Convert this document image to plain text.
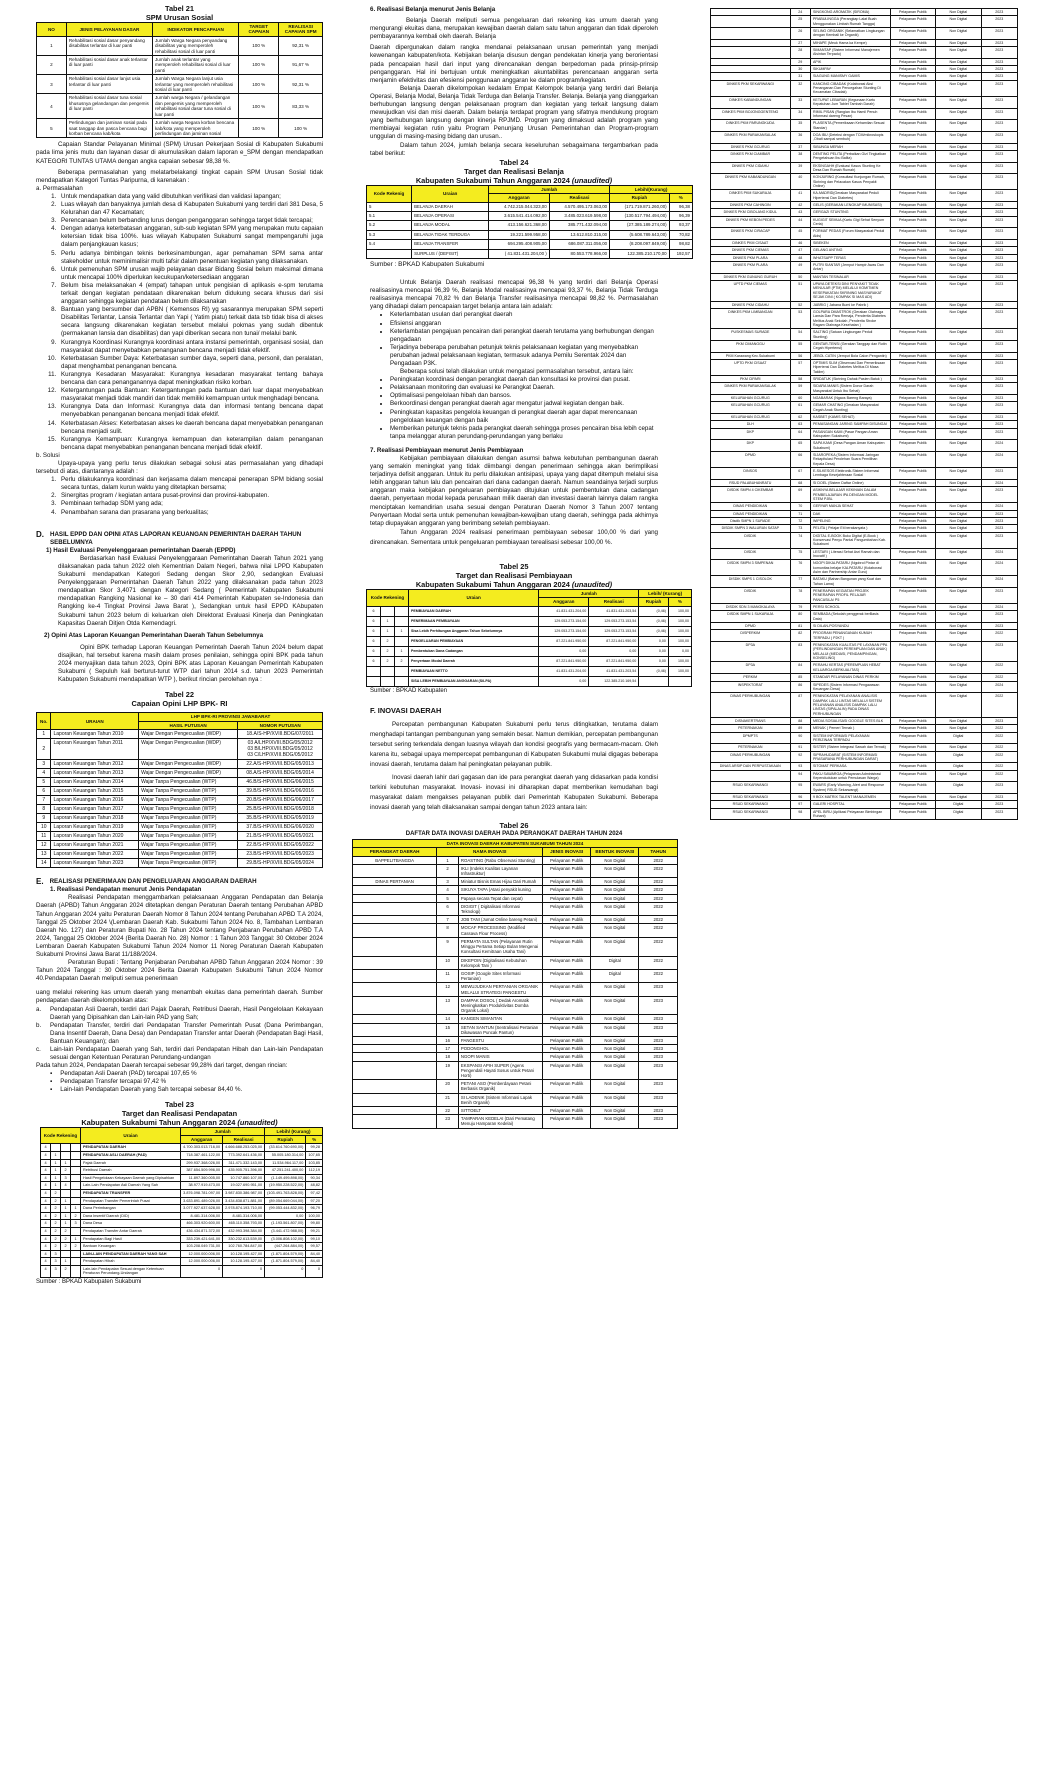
Tabel 21
SPM Urusan Sosial
NO	JENIS PELAYANAN DASAR	INDIKATOR PENCAPAIAN	TARGET CAPAIAN	REALISASI CAPAIAN SPM
1	Rehabilitasi sosial dasar penyandang disabilitas terlantar di luar panti	Jumlah Warga Negara penyandang disabilitas yang memperoleh rehabilitasi sosial di luar panti	100 %	92,31 %
2	Rehabilitasi sosial dasar anak terlantar di luar panti	Jumlah anak terlantar yang memperoleh rehabilitasi sosial di luar panti	100 %	91,67 %
3	Rehabilitasi sosial dasar lanjut usia terlantar di luar panti	Jumlah Warga Negara lanjut usia terlantar yang memperoleh rehabilitasi sosial di luar panti	100 %	92,31 %
4	Rehabilitasi sosial dasar tuna sosial khususnya gelandangan dan pengemis di luar panti	Jumlah warga Negara / gelandangan dan pengemis yang memperoleh rehabilitasi sosial dasar tuna sosial di luar panti	100 %	83,33 %
5	Perlindungan dan jaminan sosial pada saat tanggap dan pasca bencana bagi korban bencana kab/kota	Jumlah warga Negara korban bencana kab/kota yang memperoleh perlindungan dan jaminan sosial	100 %	100 %

Capaian Standar Pelayanan Minimal (SPM) Urusan Pekerjaan Sosial di Kabupaten Sukabumi pada lima jenis mutu dan layanan dasar di akumulasikan dalam laporan e_SPM dengan mendapatkan KATEGORI TUNTAS UTAMA dengan angka capaian sebesar 98,38 %.

Beberapa permasalahan yang melatarbelakangi tingkat capain SPM Urusan Sosial tidak mendapatkan Kategori Tuntas Paripurna, di karenakan :

a. Permasalahan
1. Untuk mendapatkan data yang valid dibutuhkan verifikasi dan validasi lapangan;
2. Luas wilayah dan banyaknya jumlah desa di Kabupaten Sukabumi yang terdiri dari 381 Desa, 5 Kelurahan dan 47 Kecamatan;
3. Perencanaan belum berbanding lurus dengan penganggaran sehingga target tidak tercapai;
4. Dengan adanya keterbatasan anggaran, sub-sub kegiatan SPM yang merupakan mutu capaian ketersian tidak bisa 100%. luas wilayah Kabupaten Sukabumi sangat mempengaruhi juga dalam penjangkauan kasus;
5. Perlu adanya bimbingan teknis berkesinambungan, agar pemahaman SPM sama antar stakeholder untuk meminimalisir multi tafsir dalam penentuan kegiatan yang dilaksanakan.
6. Untuk pemenuhan SPM urusan wajib pelayanan dasar Bidang Sosial belum maksimal dimana untuk mencapai 100% diperlukan kecukupan/ketersediaan anggaran
7. Belum bisa melaksanakan 4 (empat) tahapan untuk pengisian di aplikasis e-spm terutama terkait dengan kegiatan pendataan dikarenakan belum didukung secara khusus dari sisi anggaran sehingga kegiatan pendataan belum dilaksanakan
8. Bantuan yang bersumber dari APBN ( Kemensos RI) yg sasarannya merupakan SPM seperti Disabilitas Terlantar, Lansia Terlantar dan Yapi ( Yatim piatu) terkait data tsb tidak bisa di akses secara langsung dikarenakan kegiatan tersebut melalui pokmas yang sudah dibentuk (permakanan lansia dan disabilitas) dan yapi diberikan secara non tunai/ melalui bank.
9. Kurangnya Koordinasi Kurangnya koordinasi antara instansi pemerintah, organisasi sosial, dan masyarakat dapat menyebabkan penanganan bencana menjadi tidak efektif.
10. Keterbatasan Sumber Daya: Keterbatasan sumber daya, seperti dana, personil, dan peralatan, dapat menghambat penanganan bencana.
11. Kurangnya Kesadaran Masyarakat: Kurangnya kesadaran masyarakat tentang bahaya bencana dan cara penanganannya dapat meningkatkan risiko korban.
12. Ketergantungan pada Bantuan: Ketergantungan pada bantuan dari luar dapat menyebabkan masyarakat menjadi tidak mandiri dan tidak memiliki kemampuan untuk menghadapi bencana.
13. Kurangnya Data dan Informasi: Kurangnya data dan informasi tentang bencana dapat menyebabkan penanganan bencana menjadi tidak efektif.
14. Keterbatasan Akses: Keterbatasan akses ke daerah bencana dapat menyebabkan penanganan bencana menjadi sulit.
15. Kurangnya Kemampuan: Kurangnya kemampuan dan keterampilan dalam penanganan bencana dapat menyebabkan penanganan bencana menjadi tidak efektif.
b. Solusi

Upaya-upaya yang perlu terus dilakukan sebagai solusi atas permasalahan yang dihadapi tersebut di atas, diantaranya adalah :

1. Perlu dilakukannya koordinasi dan kerjasama dalam mencapai penerapan SPM bidang sosial secara tuntas, dalam kurun waktu yang ditetapkan bersama;
2. Sinergitas program / kegiatan antara pusat-provinsi dan provinsi-kabupaten.
3. Pembinaan terhadap SDM yang ada;
4. Penambahan sarana dan prasarana yang berkualitas;
D. HASIL EPPD DAN OPINI ATAS LAPORAN KEUANGAN PEMERINTAH DAERAH TAHUN SEBELUMNYA
1) Hasil Evaluasi Penyelenggaraan pemerintahan Daerah (EPPD)

Berdasarkan hasil Evaluasi Penyelenggaraan Pemerintahan Daerah Tahun 2021 yang dilaksanakan pada tahun 2022 oleh Kementrian Dalam Negeri, bahwa nilai LPPD Kabupaten Sukabumi mendapatkan Kategori Sedang dengan Skor 2,90, sedangkan Evaluasi Penyelenggaraan Pemerintahan Daerah Tahun 2022 yang dilaksanakan pada tahun 2023 mendapatkan Skor 3,4071 dengan Kategori Sedang ( Pemerintah Kabupaten Sukabumi mendapatkan Rangking Nasional ke – 30 dari 414 Pemerintah Kabupaten se-Indonesia dan Rangking ke-4 Tingkat Provinsi Jawa Barat ), Sedangkan untuk hasil EPPD KAbupaten Sukabumi tahun 2023 belum di keluarkan oleh Direktorat Evaluasi Kinerja dan Peningkatan Kapasitas Daerah Ditjen Otda Kemendagri.

2) Opini Atas Laporan Keuangan Pemerintahan Daerah Tahun Sebelumnya

Opini BPK terhadap Laporan Keuangan Pemerintah Daerah Tahun 2024 belum dapat disajikan, hal tersebut karena masih dalam proses penilaian, sehingga opini BPK pada tahun 2024 menyajikan data tahun 2023, Opini BPK atas Laporan Keuangan Pemerintah Kabupaten Sukabumi ( Sepuluh kali berturut-turut WTP dari tahun 2014 s.d. tahun 2023 Pemerintah Kabupaten Sukabumi mendapatkan WTP ), berikut rincian perolehan nya :

Tabel 22
Capaian Opini LHP BPK- RI
No.	URAIAN	LHP BPK-RI PROVINSI JAWABARAT	
		HASIL PUTUSAN	NOMOR PUTUSAN
1	Laporan Keuangan Tahun 2010	Wajar Dengan Pengecualian (WDP)	18.A/S-HP/XVIII.BDG/07/2011
2	Laporan Keuangan Tahun 2011	Wajar Dengan Pengecualian (WDP)	03 A/LHP/XVIII.BDG/05/2012
03 B/LHP/XVIII.BDG/05/2012
03 C/LHP/XVIII.BDG/05/2012
3	Laporan Keuangan Tahun 2012	Wajar Dengan Pengecualian (WDP)	22.A/S-HP/XVIII.BDG/05/2013
4	Laporan Keuangan Tahun 2013	Wajar Dengan Pengecualian (WDP)	08.A/S-HP/XVIII.BDG/05/2014
5	Laporan Keuangan Tahun 2014	Wajar Tanpa Pengecualian (WTP)	46.B/S-HP/XVIII.BDG/06/2015
6	Laporan Keuangan Tahun 2015	Wajar Tanpa Pengecualian (WTP)	39.B/S-HP/XVIII.BDG/06/2016
7	Laporan Keuangan Tahun 2016	Wajar Tanpa Pengecualian (WTP)	20.B/S-HP/XVIII.BDG/06/2017
8	Laporan Keuangan Tahun 2017	Wajar Tanpa Pengecualian (WTP)	25.B/S-HP/XVIII.BDG/05/2018
9	Laporan Keuangan Tahun 2018	Wajar Tanpa Pengecualian (WTP)	35.B/S-HP/XVIII.BDG/05/2019
10	Laporan Keuangan Tahun 2019	Wajar Tanpa Pengecualian (WTP)	37.B/S-HP/XVIII.BDG/06/2020
11	Laporan Keuangan Tahun 2020	Wajar Tanpa Pengecualian (WTP)	21.B/S-HP/XVIII.BDG/05/2021
12	Laporan Keuangan Tahun 2021	Wajar Tanpa Pengecualian (WTP)	22.B/S-HP/XVIII.BDG/05/2022
13	Laporan Keuangan Tahun 2022	Wajar Tanpa Pengecualian (WTP)	23.B/S-HP/XVIII.BDG/05/2023
14	Laporan Keuangan Tahun 2023	Wajar Tanpa Pengecualian (WTP)	29.B/S-HP/XVIII.BDG/05/2024
E. REALISASI PENERIMAAN DAN PENGELUARAN ANGGARAN DAERAH
1. Realisasi Pendapatan menurut Jenis Pendapatan

Realisasi Pendapatan menggambarkan pelaksanaan Anggaran Pendapatan dan Belanja Daerah (APBD) Tahun Anggaran 2024 ditetapkan dengan Peraturan Daerah tentang Perubahan APBD Tahun Anggaran 2024 yaitu Peraturan Daerah Nomor 8 Tahun 2024 tentang Perubahan APBD T.A 2024, Tanggal 25 Oktober 2024 \(Lembaran Daerah Kab. Sukabumi Tahun 2024 No. 8, Tambahan Lembaran Daerah No. 127) dan Peraturan Bupati No. 28 Tahun 2024 tentang Penjabaran Perubahan APBD T.A 2024, Tanggal 25 Oktober 2024 (Berita Daerah No. 28) Nomor : 1 Tahun 203 Tanggal: 30 Oktober 2024 Lembaran Daerah Kabupaten Sukabumi Tahun 2024 Nomor 11 Noreg Peraturan Daerah Kabupaten Sukabumi Provinsi Jawa Barat 11/188/2024.

Peraturan Bupati : Tentang Penjabaran Perubahan APBD Tahun Anggaran 2024 Nomor : 39 Tahun 2024 Tanggal : 30 Oktober 2024 Berita Daerah Kabupaten Sukabumi Tahun 2024 Nomor 40.Pendapatan Daerah meliputi semua penerimaan

uang melalui rekening kas umum daerah yang menambah ekuitas dana pemerintah daerah. Sumber pendapatan daerah dikelompokkan atas:

a.	Pendapatan Asli Daerah, terdiri dari Pajak Daerah, Retribusi Daerah, Hasil Pengelolaan Kekayaan Daerah yang Dipisahkan dan Lain-lain PAD yang Sah;
b.	Pendapatan Transfer, terdiri dari Pendapatan Transfer Pemerintah Pusat (Dana Perimbangan, Dana Insentif Daerah, Dana Desa) dan Pendapatan Transfer antar Daerah (Pendapatan Bagi Hasil, Bantuan Keuangan); dan
c.	Lain-lain Pendapatan Daerah yang Sah, terdiri dari Pendapatan Hibah dan Lain-lain Pendapatan sesuai dengan Ketentuan Peraturan Perundang-undangan

Pada tahun 2024, Pendapatan Daerah tercapai sebesar 99,28% dari target, dengan rincian:

▪ Pendapatan Asli Daerah (PAD) tercapai 107,65 %
▪ Pendapatan Transfer tercapai 97,42 %
▪ Lain-lain Pendapatan Daerah yang Sah tercapai sebesar 84,40 %.
Tabel 23
Target dan Realisasi Pendapatan
Kabupaten Sukabumi Tahun Anggaran 2024 (unaudited)
Kode Rekening				Uraian	Jumlah		Lebih/ (Kurang)	
					Anggaran	Realisasi	Rupiah	%
4				PENDAPATAN DAERAH	4.700.303.013.716,00	4.666.688.253.025,00	(33.614.760.690,00)	99,28
4	1			PENDAPATAN ASLI DAERAH (PAD)	718.387.461.122,00	773.392.641.436,00	55.005.180.314,00	107,65
4	1	1		Pajak Daerah	299.937.368.026,00	311.471.332.143,00	11.534.964.117,00	103,85
4	1	2		Retribusi Daerah	387.654.509.996,00	435.905.751.396,00	47.251.241.400,00	112,19
4	1	3		Hasil Pengelolaan Kekayaan Daerah yang Dipisahkan	11.897.360.005,00	10.747.860.107,00	(1.149.499.898,00)	90,34
4	1	4		Lain-Lain Pendapatan Asli Daerah Yang Sah	38.977.919.473,00	19.027.690.951,00	(19.950.228.522,00)	48,82
4	2			PENDAPATAN TRANSFER	3.876.098.781.097,00	3.987.830.386.987,00	(103.491.763.828,00)	97,42
4	2	1		Pendapatan Transfer Pemerintah Pusat	3.633.891.489.026,00	3.434.838.871.881,00	(89.054.669.044,00)	97,20
4	2	1	1	Dana Perimbangan	3.077.927.637.628,00	2.978.874.193.710,00	(99.053.444.832,00)	96,79
4	2	1	2	Dana Insentif Daerah (DID)	8.481.314.006,00	8.481.314.006,00	0,00	100,00
4	2	1	3	Dana Desa	466.303.920.600,00	465.110.358.793,00	(1.193.561.807,00)	99,80
4	2	2		Pendapatan Transfer Antar Daerah	436.434.871.372,00	432.993.398.384,00	(3.441.472.988,00)	99,21
4	2	2	1	Pendapatan Bagi Hasil	333.239.421.641,00	330.232.613.539,00	(3.006.808.102,00)	99,10
4	2	2	2	Bantuan Keuangan	103.208.049.731,00	102.760.784.847,00	(447.264.884,00)	99,57
4	3			LAIN-LAIN PENDAPATAN DAERAH YANG SAH	12.000.000.006,00	10.128.195.427,00	(1.871.804.579,00)	84,40
4	3	1		Pendapatan Hibah	12.000.000.006,00	10.128.195.427,00	(1.871.804.579,00)	84,40
4	3	2		Lain-lain Pendapatan Sesuai dengan Ketentuan Peraturan Perundang-Undangan	0	0	0	0
Sumber : BPKAD Kabupaten Sukabumi
6. Realisasi Belanja menurut Jenis Belanja

Belanja Daerah meliputi semua pengeluaran dari rekening kas umum daerah yang mengurangi ekuitas dana, merupakan kewajiban daerah dalam satu tahun anggaran dan tidak diperoleh pembayarannya kembali oleh daerah. Belanja

Daerah dipergunakan dalam rangka mendanai pelaksanaan urusan pemerintah yang menjadi kewenangan kabupaten/kota. Kebijakan belanja disusun dengan pendekatan kinerja yang berorientasi pada pencapaian hasil dari input yang direncanakan dengan berpedoman pada prinsip-prinsip penganggaran. Hal ini bertujuan untuk meningkatkan akuntabilitas perencanaan anggaran serta menjamin efektivitas dan efesiensi penggunaan anggaran ke dalam program/kegiatan.

Belanja Daerah dikelompokan kedalam Empat Kelompok belanja yang terdiri dari Belanja Operasi, Belanja Modal, Belanja Tidak Terduga dan Belanja Transfer. Belanja. Belanja yang dianggarkan berhubungan langsung dengan pelaksanaan program dan kegiatan yang terkait langsung dalam mewujudkan visi dan misi daerah. Dalam belanja terdapat program yang sifatnya mendukung program yang berhubungan langsung dengan kinerja RPJMD. Program yang dimaksud adalah program yang membiayai kegiatan rutin yaitu Program Penunjang Urusan Pemerintahan dan Program-program unggulan di masing-masing bidang dan urusan..

Dalam tahun 2024, jumlah belanja secara keseluruhan sebagaimana tergambarkan pada tabel berikut:

Tabel 24
Target dan Realisasi Belanja
Kabupaten Sukabumi Tahun Anggaran 2024 (unaudited)
Kode Rekenig	Uraian	Jumlah		Lebih/(Kurang)	
		Anggaran	Realisasi	Rupiah	%
5	BELANJA DAERAH	4.742.215.044.323,00	4.570.495.173.063,00	(171.719.871.260,00)	96,38
5.1	BELANJA OPERASI	3.615.541.414.092,00	3.485.023.619.598,00	(130.517.794.494,00)	96,39
5.2	BELANJA MODAL	413.156.621.368,00	385.771.432.094,00	(27.385.189.274,00)	93,37
5.3	BELANJA TIDAK TERDUGA	19.221.599.958,00	13.612.810.315,00	(5.608.789.643,00)	70,82
5.4	BELANJA TRANSFER	694.295.408.905,00	686.087.311.056,00	(8.208.097.849,00)	98,82
	SURPLUS / (DEFISIT)	( 41.831.431.204,00 )	80.553.778.966,00	122.385.210.170,00	192,57
Sumber : BPKAD Kabupaten Sukabumi

Untuk Belanja Daerah realisasi mencapai 96,38 % yang terdiri dari Belanja Operasi realisasinya mencapai 96,39 %, Belanja Modal realisasinya mencapai 93,37 %, Belanja Tidak Terduga realisasinya mencapai 70,82 % dan Belanja Transfer realisasinya mencapai 98,82 %. Permasalahan yang dihadapi dalam pencapaian target belanja antara lain adalah:

• Keterlambatan usulan dari perangkat daerah
• Efisiensi anggaran
• Keterlambatan pengajuan pencairan dari perangkat daerah terutama yang berhubungan dengan pengadaan
• Terjadinya beberapa perubahan petunjuk teknis pelaksanaan kegiatan yang menyebabkan perubahan jadwal pelaksanaan kegiatan, termasuk adanya Pemilu Serentak 2024 dan Pengadaan P3K.

Beberapa solusi telah dilakukan untuk mengatasi permasalahan tersebut, antara lain:

• Peningkatan koordinasi dengan perangkat daerah dan konsultasi ke provinsi dan pusat.
• Pelaksanaan monitoring dan evaluasi ke Perangkat Daerah.
• Optimalisasi pengelolaan hibah dan bansos.
• Berkoordinasi dengan perangkat daerah agar mengatur jadwal kegiatan dengan baik.
• Peningkatan kapasitas pengelola keuangan di perangkat daerah agar dapat merencanaan pengelolaan keuangan dengan baik
• Memberikan petunjuk teknis pada perangkat daerah sehingga proses pencairan bisa lebih cepat tanpa melanggar aturan perundang-perundangan yang berlaku
7. Realisasi Pembiayaan menurut Jenis Pembiayaan

Kebijakan pembiayaan dilakukan dengan asumsi bahwa kebutuhan pembangunan daerah yang semakin meningkat yang tidak diimbangi dengan penerimaan sehingga akan berimplikasi terjadinya defisit anggaran. Untuk itu perlu dilakukan antisipasi, upaya yang dapat ditempuh melalui sisa lebih anggaran tahun lalu dan pencairan dari dana cadangan daerah. Namun seandainya terjadi surplus anggaran maka kebijakan pengeluaran pembiayaan ditujukan untuk pembentukan dana cadangan daerah, penyertaan modal kepada perusahaan milik daerah dan investasi daerah lainnya dalam rangka menciptakan kemandirian usaha sesuai dengan Peraturan Daerah Nomor 3 Tahun 2007 tentang Penyertaan Modal serta untuk pemenuhan kewajiban-kewajiban utang daerah, sehingga pada akhirnya tetap diupayakan anggaran yang berimbang setelah pembiayaan.

Tahun Anggaran 2024 realisasi penerimaan pembiayaan sebesar 100,00 % dari yang direncanakan. Sementara untuk pengeluaran pembiayaan terealisasi sebesar 100,00 %.

Tabel 25
Target dan Realisasi Pembiayaan
Kabupaten Sukabumi Tahun Anggaran 2024 (unaudited)
Kode Rekening			Uraian	Jumlah		Lebih/ (Kurang)	
				Anggaran	Realisasi	Rupiah	%
6			PEMBIAYAAN DAERAH	41.831.431.204,00	41.831.431.203,54	(0,46)	100,00
6	1		PENERIMAAN PEMBIAYAAN	129.053.273.154,00	129.053.273.153,54	(0,46)	100,00
6	1	1	Sisa Lebih Perhitungan Anggaran Tahun Sebelumnya	129.053.273.154,00	129.053.273.153,54	(0,46)	100,00
6	2		PENGELUARAN PEMBIAYAAN	87.221.841.950,00	87.221.841.950,00	0,00	100,00
6	2	1	Pembentukan Dana Cadangan	0,00	0,00	0,00	0,00
6	2	2	Penyertaan Modal Daerah	87.221.841.950,00	87.221.841.950,00	0,00	100,00
			PEMBIAYAAN NETTO	41.831.431.204,00	41.831.431.203,54	(0,46)	100,00
			SISA LEBIH PEMBIAYAAN ANGGARAN (SiLPA)	0,00	122.385.210.169,54		
Sumber : BPKAD Kabupaten
F. INOVASI DAERAH

Percepatan pembangunan Kabupaten Sukabumi perlu terus ditingkatkan, terutama dalam menghadapi tantangan pembangunan yang semakin besar. Namun demikian, percepatan pembangunan tersebut sering terkendala dengan luasnya wilayah dan kondisi geografis yang bermacam-macam. Oleh karena itu, sebagai upaya mempercepat pembangunan di Kabupaten Sukabumi mulai digagas beberapa inovasi daerah, terutama dalam hal peningkatan pelayanan publik.

Inovasi daerah lahir dari gagasan dan ide para perangkat daerah yang didasarkan pada kondisi terkini kebutuhan masyarakat. Inovasi- inovasi ini diharapkan dapat memberikan kemudahan bagi masyarakat dalam mengakses pelayanan publik dari Pemerintah Kabupaten Sukabumi. Beberapa inovasi daerah yang telah dilaksanakan sampai dengan tahun 2023 antara lain:

Tabel 26
DAFTAR DATA INOVASI DAERAH PADA PERANGKAT DAERAH TAHUN 2024
DATA INOVASI DAERAH KABUPATEN SUKABUMI TAHUN 2024					
PERANGKAT DAERAH	NAMA INOVASI		JENIS INOVASI	BENTUK INOVASI	TAHUN
BAPPELITBANGDA	1	ROASTING (Rabu Observasi Stunting)	Pelayanan Publik	Non Digital	2022
	2	IKLI (Indeks Kualitas Layanan Infrastruktur)	Pelayanan Publik	Non Digital	2022
DINAS PERTANIAN	3	Miniatur Bisnis Emas Hijau Dari Rumah	Pelayanan Publik	Non Digital	2022
	4	SIKUYA TAPA (Atasi penyakit kuning	Pelayanan Publik	Non Digital	2022
	5	Papaya secara Tepat dan cepat)	Pelayanan Publik	Non Digital	2022
	6	DIGIGIT ( Digitalisasi Informasi Teknologi)	Pelayanan Publik	Non Digital	2022
	7	JOB TANI (Jumat Online bareng Petani)	Pelayanan Publik	Non Digital	2022
	8	MOCAF PROCESSING (Modified Cassava Flour Process)	Pelayanan Publik	Non Digital	2022
	9	PERMATA SULTAN (Pelayanan Rutin Minggu Pertama Setiap Bulan Mengenai Konsultasi Kemitraan Usaha Tani)	Pelayanan Publik	Non Digital	2022
	10	DIKEPOIN (Digitalisasi Kebutuhan Kelompok Tani )	Pelayanan Publik	Digital	2022
	11	GOSIP (Google Sites Informasi Pertanian)	Pelayanan Publik	Digital	2022
	12	MEWUJUDKAN PERTANIAN ORGANIK MELALUI STRATEGI PANGESTU	Pelayanan Publik	Non Digital	2023
	13	DAMPAK DOSOL ( Dedak Aromatik Meningkatkan Produktivitas Domba Organik Lokal)	Pelayanan Publik	Non Digital	2023
	14	KANGEN SIMANTAN	Pelayanan Publik	Non Digital	2023
	15	SETAN SANTUN (Sentralisasi Pertanian Dikawasan Puncak Pantun)	Pelayanan Publik	Non Digital	2023
	16	PANGESTU	Pelayanan Publik	Non Digital	2023
	17	PODONGHOL	Pelayanan Publik	Non Digital	2023
	18	NGOPI MANIS	Pelayanan Publik	Non Digital	2023
	19	EKSPANSI APIH SUPER (Agens Pengendali Hayati Sosus untuk Petani Horti)	Pelayanan Publik	Non Digital	2023
	20	PETANI ASO (Pemberdayaan Petani Berbasis Organik)	Pelayanan Publik	Non Digital	2023
	21	SI LADENIK (Sistem Informasi Lapak Benih Organik)	Pelayanan Publik	Non Digital	2023
	22	SITTOELT	Pelayanan Publik	Non Digital	2023
	23	TAMPARAN KEDELAI (Dari Pematang Menuju Hamparan Kedelai)	Pelayanan Publik	Non Digital	2023
	24	SINGKONG AROMATIK (SIROMA)	Pelayanan Publik	Non Digital	2023
	25	PRABULINGGA (Perangkap Lalat Buah Menggunakan Limbah Rumah Tangga)	Pelayanan Publik	Non Digital	2023
	26	SELING ORGANIK (Selamatkan Lingkungan dengan Kembali ke Organik)	Pelayanan Publik	Non Digital	2023
	27	MIHAPE (Meuk Hama ka Kempe)	Pelayanan Publik	Non Digital	2023
	28	SIMANTAP (Sistem Informasi Manajemen Alsintan Terpadu)	Pelayanan Publik	Non Digital	2023
	29	APIK	Pelayanan Publik	Non Digital	2023
	30	SIKUMPAY	Pelayanan Publik	Non Digital	2023
	31	SIAGUNG MANISMY GAMIS	Pelayanan Publik	Non Digital	2023
DINKES PKM SEKARWANGI	32	KANCING CIBADAK (Kolaborasi Aksi Penanganan Dan Pencegahan Stunting Di Kecamatan Cibadak)	Pelayanan Publik	Non Digital	2023
DINKES KABANDUNGAN	33	KETUPAT LEBARAN (Kegunaan Kartu Kepatuhan Jum Tablet Tambah Darah)	Pelayanan Publik	Non Digital	2023
DINKES PKM BOJONGGENTENG	34	RIMIL PISAN (Rangian Ibu Hamil Penuh Informasi dareng Pesan)	Pelayanan Publik	Non Digital	2023
DINKES PKM PARUNGKUDA	35	PLASENTA (Pemeriksaan Kehamilan Sesuai Standar)	Pelayanan Publik	Non Digital	2023
DINKES PKM PARAKANSALAK	36	DOA IBU (Deteksi dengan TCM/mikroskopis ,Obati sampai sembuh)	Pelayanan Publik	Non Digital	2023
DINKES PKM GCURUG	37	SIBUNGA MERAH	Pelayanan Publik	Non Digital	2023
DINKES PKM CIAMBAR	38	DENTING PELITA (Perbaikan Gizi Tingkatkan Pengetahuan Ibu Balita)	Pelayanan Publik	Non Digital	2023
DINKES PKM CIDAHU	39	EKSINGAHH (Evaluasi Kasus Stunting Ke Desa Dan Rumah Rumah)	Pelayanan Publik	Non Digital	2023
DINKES PKM KABANDUNGAN	40	KONJURING (Konsultasi Kunjungan Rumah, Skrining dan Pelacakan Kasus Penyakit Online)	Pelayanan Publik	Non Digital	2023
DINKES PKM SUKARAJA	41	KA-MADRID(Gerakan Masyarakat Peduli Hipertensi Dan Diabetes)	Pelayanan Publik	Non Digital	2023
DINKES PKM CAHINGIN	42	GELIS (GERAKAN LENGKAP IMUNISASI)	Pelayanan Publik	Non Digital	2023
DINKES PKM CIBOLANG KIDUL	43	GERGAZI STUNTING	Pelayanan Publik	Non Digital	2023
DINKES PKM KEBON PEDES	44	KUGIGIT SEMUA (Kartu Gigi Sehat Senyum Ceria)	Pelayanan Publik	Non Digital	2023
DINKES PKM CIRACAP	45	FORMAT PEDAS (Forum Masyarakat Peduli Aids)	Pelayanan Publik	Non Digital	2023
DINKES PKM CISAAT	46	SIBEKEN	Pelayanan Publik	Non Digital	2023
DINKES PKM CIEMAS	47	GELANG ANTING	Pelayanan Publik	Non Digital	2023
DINKES PKM PLARA	48	WHATSAPP TERAS	Pelayanan Publik	Non Digital	2023
DINKES PKM PLARA	49	PUTRI SIANTAR (Jemput Hampir Awas Dan Antar)	Pelayanan Publik	Non Digital	2023
DINKES PKM GUNUNG GURUH	50	MANTAN TESINALAR	Pelayanan Publik	Non Digital	2023
UPTD PKM CIEMAS	51	UPAYA DETEKSI DINI PENYAKIT TIDAK MENULAR (PTM) MELALUI KOMITMEN KESEPAKATAN SKRINING MASYARAKAT SEJAK DINI ( KOMPAK SI MAS ADI)	Pelayanan Publik	Non Digital	2023
DINKES PKM CIDAHU	52	JABRIG ( Jabana Bumi ke Pabrik )	Pelayanan Publik	Non Digital	2023
DINKES PKM LIMBANGAN	53	GOLPARA DMASTROK (Gerakan Olahraga Lansia Dan Para Remaja, Penderita Diabetes Melitus Anak Sekolah ,Penderita Stroke Ragam Olahraga Kesehatan )	Pelayanan Publik	Non Digital	2023
PUSKESMAS SURADE	54	SALTING (Satuan Lingkungan Peduli Stunting)	Pelayanan Publik	Non Digital	2023
PKM CIMANGGU	55	GENTAR-TENSI (Gerakan Tanggap dan Rutin Cegah Hipertensi)	Pelayanan Publik	Non Digital	2023
PKM Karawang Kec.Sukabumi	56	JEBOL CATIN (Jemput Bola Calon Pengantin)	Pelayanan Publik	Non Digital	2023
UPTD PKM CISAAT	57	OPTIMIS SLIM (Observasi Dan Pemeriksaan Hipertensi Dan Diabetes Melitus Di Masa Taklim)	Pelayanan Publik	Non Digital	2023
PKM CIPARI	58	SRIDATUK (Skrining Dahak Pasien Batuk )	Pelayanan Publik	Non Digital	2023
DINKES PKM PARAKANSALAK	59	SIDARA MANIS (Sistem Donor Darah Masyarakat Untuk Ibu Sehat)	Pelayanan Publik	Non Digital	2023
KELURAHAN GCURUG	60	NGABARAK (Ngaos Bareng Baraya)	Pelayanan Publik	Non Digital	2023
KELURAHAN GCURUG	61	GEMAR CHATING (Gerakan Masyarakat Cegah Anak Stunting)	Pelayanan Publik	Non Digital	2023
KELURAHAN GCURUG	62	KASBET (KAMIS SEHAT)	Pelayanan Publik	Non Digital	2023
DLH	63	PEMASANGAN JARING SAMPAH DISUNGAI	Pelayanan Publik	Non Digital	2023
DKP	64	PASANGAN KAMI (Pasar Pangan Aman Kabupaten Sukabumi)	Pelayanan Publik	Non Digital	2023
DKP	65	SAPA KAMI (Desa Pangan Aman Kabupaten Sukabumi)	Pelayanan Publik	Non Digital	2024
DPMD	66	SIJAROPEKA (Sistem Informasi Jaringan Rekapitulasi Perolehan Suara Pemilihan Kepala Desa)	Pelayanan Publik	Non Digital	2024
DINSOS	67	E-SILKESOS Elektronik-Sistem Informasi Lembaga Kesejahteraan Sosial	Pelayanan Publik	Non Digital	2023
RSUD PALABUHANRATU	68	SI DOEL (Sistem Daftar Online)	Pelayanan Publik	Non Digital	2024
DISDIK SMPN 4 CIKEMBAR	69	ASIKNYA BELAJAR KEKINIAN DALAM PEMBELAJARAN IPA DENGAN MODEL STEM PJBL	Pelayanan Publik	Non Digital	2023
DINAS PENDIDIKAN	70	GERYAR MANJA SEHAT	Pelayanan Publik	Non Digital	2024
DINAS PENDIDIKAN	71	DAK	Pelayanan Publik	Non Digital	2023
Disdik SMPN 1 SURADE	72	WIPELING	Pelayanan Publik	Non Digital	2023
DISDIK SMPN 3 WALURAN SATAP	73	PELITA ( Pelajar Eti berakanyata )	Pelayanan Publik	Non Digital	2023
DISDIK	74	DIGITAL E-BOOK Buku Digital (E-Book ) Konservasi Penyu Pantai Pangumbahan Kab. Sukabumi	Pelayanan Publik	Non Digital	2023
DISDIK	75	LESTARI ( Literasi Sehat Asri Ramah dan Inovatif )	Pelayanan Publik	Non Digital	2024
DISDIK SMPN 3 SIMPENAN	76	NGOPI DIKALPATARU (Ngobrol Pintar di komunitas belajar KALPATARU (Kolaborasi Asim dan Partnership Antar Guru)	Pelayanan Publik	Non Digital	2024
DISDIK SMPS 1 CISOLOK	77	BATAKU (Bahan Bangunan yang Kuat dan Tahan Lama)	Pelayanan Publik	Non Digital	2024
DISDIK	78	PENERAPAN KEGIATAN PROJEK PENERAPAN PROFIL PELAJAR PANCASILA/ P5	Pelayanan Publik	Non Digital	2023
DISDIK SDN 3 MANGKALAYA	79	PERSI SCHOOL	Pelayanan Publik	Non Digital	2024
DISDIK SMPN 1 SUKARAJA	80	SEMBADA (Sekolah penggerak berBasis Data)	Pelayanan Publik	Non Digital	2023
DPMD	81	SI DILAN-POSYANDU	Pelayanan Publik	Non Digital	2023
DISPERKIM	82	PROGRAM PENANGANAN KUMUH TERPADU ( P2KT )	Pelayanan Publik	Non Digital	2022
DP3A	83	PENINGKATAN KUALITAS PE LAYANAN PPA (PERLINDUNGAN PEREMPUAN DAN ANAK) MELALUI (MEDIASI, PENDAMPINGAN, KONSELING)	Pelayanan Publik	Non Digital	2023
DP3A	84	PERAHU KERTAS (PEREMPUAN HEBAT KELUARGA BERKUALITAS)	Pelayanan Publik	Non Digital	2022
PERKIM	85	STANDAR PELAYANAN DINAS PERKIM	Pelayanan Publik	Non Digital	2022
INSPEKTORAT	86	SIPEDES (Sistem Informasi Pengawasan Keuangan Desa)	Pelayanan Publik	Non Digital	2024
DINAS PERHUBUNGAN	87	PENINGKATAN PELAYANAN ANALISIS DAMPAK LALU LINTAS MELALUI SISTEM PELAYANAN ANALISIS DAMPAK LALU LINTAS (SIPALALIN) PADA DINAS PERHUBUNGAN	Pelayanan Publik	Non Digital	2022
DISNAKERTRANS	88	MEDIA SOSIALISASI GOOGLE SITES BLK	Pelayanan Publik	Non Digital	2023
PETERNAKAN	89	MENAK ( Pemeri Ternak )	Pelayanan Publik	Non Digital	2022
DPMPTS	90	SISTEM INFORMASI PELAYANAN PERIZINAN TERPADU	Pelayanan Publik	Digital	2022
PETERNAKAN	91	SISTER (Sistem Integrasi Sawah dan Ternak)	Pelayanan Publik	Non Digital	2022
DINAS PERHUBUNGAN	92	SIPRAHUDARAT (SISTEM INFORMASI PRASARANA PERHUBUNGAN DARAT)	Pelayanan Publik	Digital	2022
DINAS ARSIP DAN PERPUSTAKAAN	93	SITOMAT PERKASA	Pelayanan Publik	Digital	2022
	94	PAKU SAWARGA (Pelayanan Administrasi Kependudukan untuk Pemulasan Warga)	Pelayanan Publik	Non Digital	2022
RSUD SEKARWANGI	95	EWARS (Early Warning, Alert and Response System) RSUD Sekarwangi)	Pelayanan Publik	Digital	2023
RSUD SEKARWANGI	96	9 BOX MATRIX TALENT MANAJEMEN	Pelayanan Publik	Non Digital	2023
RSUD SEKARWANGI	97	GALERI HOSPITAL	Pelayanan Publik	Digital	2023
RSUD SEKARWANGI	98	APEL BIRU (Aplikasi Pelayanan Bimbingan Ruhani)	Pelayanan Publik	Digital	2023
